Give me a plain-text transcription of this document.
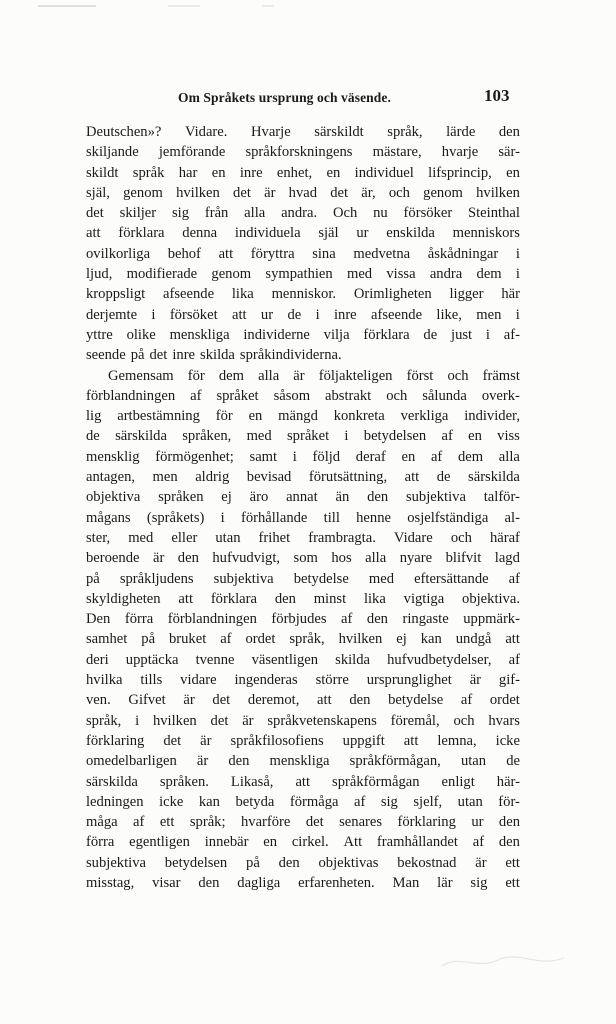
Om Språkets ursprung och väsende.	103
Deutschen»? Vidare. Hvarje särskildt språk, lärde den
skiljande jemförande språkforskningens mästare, hvarje sär-
skildt språk har en inre enhet, en individuel lifsprincip, en
själ, genom hvilken det är hvad det är, och genom hvilken
det skiljer sig från alla andra. Och nu försöker Steinthal
att förklara denna individuela själ ur enskilda menniskors
ovilkorliga behof att föryttra sina medvetna åskådningar i
ljud, modifierade genom sympathien med vissa andra dem i
kroppsligt afseende lika menniskor. Orimligheten ligger här
derjemte i försöket att ur de i inre afseende like, men i
yttre olike menskliga individerne vilja förklara de just i af-
seende på det inre skilda språkindividerna.
Gemensam för dem alla är följakteligen först och främst
förblandningen af språket såsom abstrakt och sålunda overk-
lig artbestämning för en mängd konkreta verkliga individer,
de särskilda språken, med språket i betydelsen af en viss
mensklig förmögenhet; samt i följd deraf en af dem alla
antagen, men aldrig bevisad förutsättning, att de särskilda
objektiva språken ej äro annat än den subjektiva talför-
mågans (språkets) i förhållande till henne osjelfständiga al-
ster, med eller utan frihet frambragta. Vidare och häraf
beroende är den hufvudvigt, som hos alla nyare blifvit lagd
på språkljudens subjektiva betydelse med eftersättande af
skyldigheten att förklara den minst lika vigtiga objektiva.
Den förra förblandningen förbjudes af den ringaste uppmärk-
samhet på bruket af ordet språk, hvilken ej kan undgå att
deri upptäcka tvenne väsentligen skilda hufvudbetydelser, af
hvilka tills vidare ingenderas större ursprunglighet är gif-
ven. Gifvet är det deremot, att den betydelse af ordet
språk, i hvilken det är språkvetenskapens föremål, och hvars
förklaring det är språkfilosofiens uppgift att lemna, icke
omedelbarligen är den menskliga språkförmågan, utan de
särskilda språken. Likaså, att språkförmågan enligt här-
ledningen icke kan betyda förmåga af sig sjelf, utan för-
måga af ett språk; hvarföre det senares förklaring ur den
förra egentligen innebär en cirkel. Att framhållandet af den
subjektiva betydelsen på den objektivas bekostnad är ett
misstag, visar den dagliga erfarenheten. Man lär sig ett
